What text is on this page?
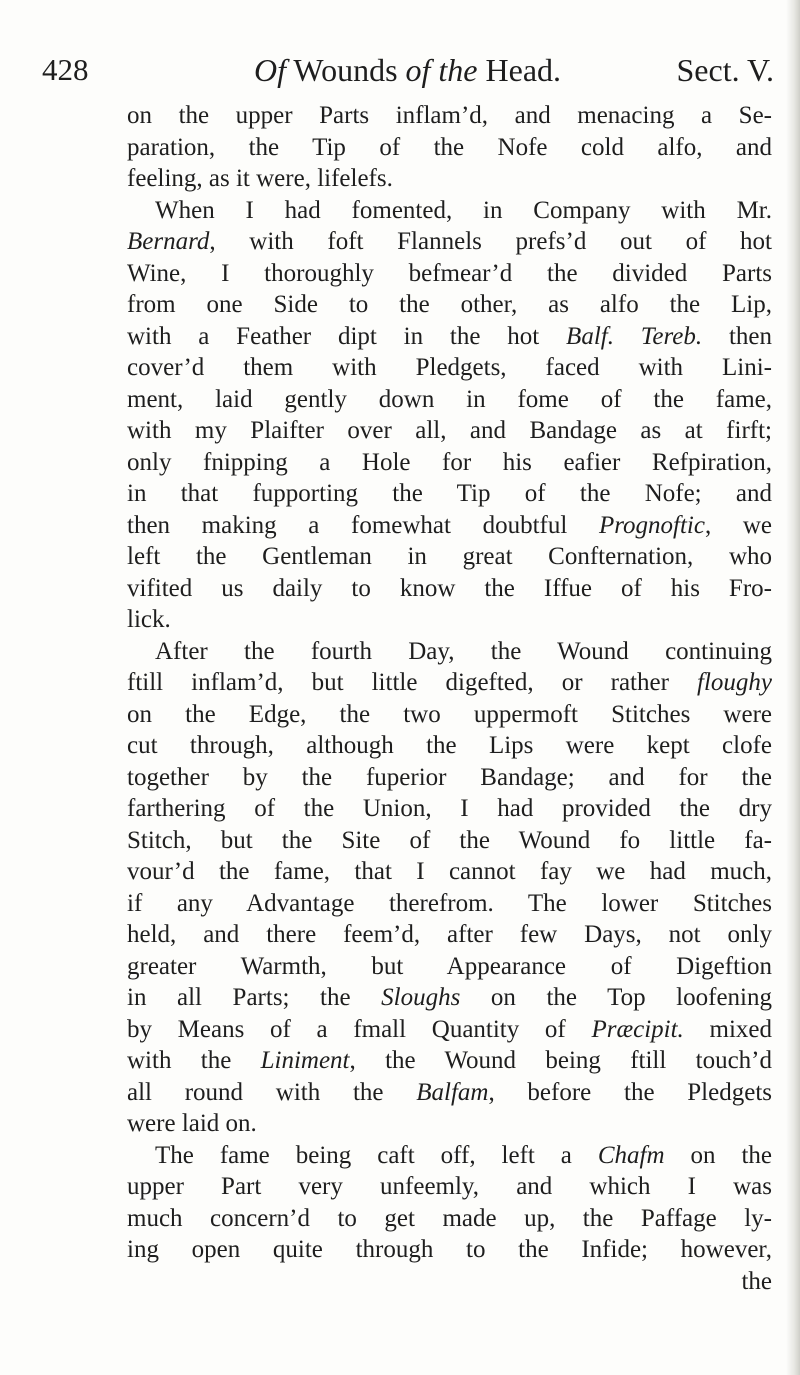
428	Of Wounds of the Head.	Sect. V.
on the upper Parts inflam’d, and menacing a Se-
paration, the Tip of the Nofe cold alfo, and
feeling, as it were, lifelefs.
When I had fomented, in Company with Mr.
Bernard, with foft Flannels prefs’d out of hot
Wine, I thoroughly befmear’d the divided Parts
from one Side to the other, as alfo the Lip,
with a Feather dipt in the hot Balf. Tereb. then
cover’d them with Pledgets, faced with Lini-
ment, laid gently down in fome of the fame,
with my Plaifter over all, and Bandage as at firft;
only fnipping a Hole for his eafier Refpiration,
in that fupporting the Tip of the Nofe; and
then making a fomewhat doubtful Prognoftic, we
left the Gentleman in great Confternation, who
vifited us daily to know the Iffue of his Fro-
lick.
After the fourth Day, the Wound continuing
ftill inflam’d, but little digefted, or rather floughy
on the Edge, the two uppermoft Stitches were
cut through, although the Lips were kept clofe
together by the fuperior Bandage; and for the
farthering of the Union, I had provided the dry
Stitch, but the Site of the Wound fo little fa-
vour’d the fame, that I cannot fay we had much,
if any Advantage therefrom. The lower Stitches
held, and there feem’d, after few Days, not only
greater Warmth, but Appearance of Digeftion
in all Parts; the Sloughs on the Top loofening
by Means of a fmall Quantity of Præcipit. mixed
with the Liniment, the Wound being ftill touch’d
all round with the Balfam, before the Pledgets
were laid on.
The fame being caft off, left a Chafm on the
upper Part very unfeemly, and which I was
much concern’d to get made up, the Paffage ly-
ing open quite through to the Infide; however,
the
